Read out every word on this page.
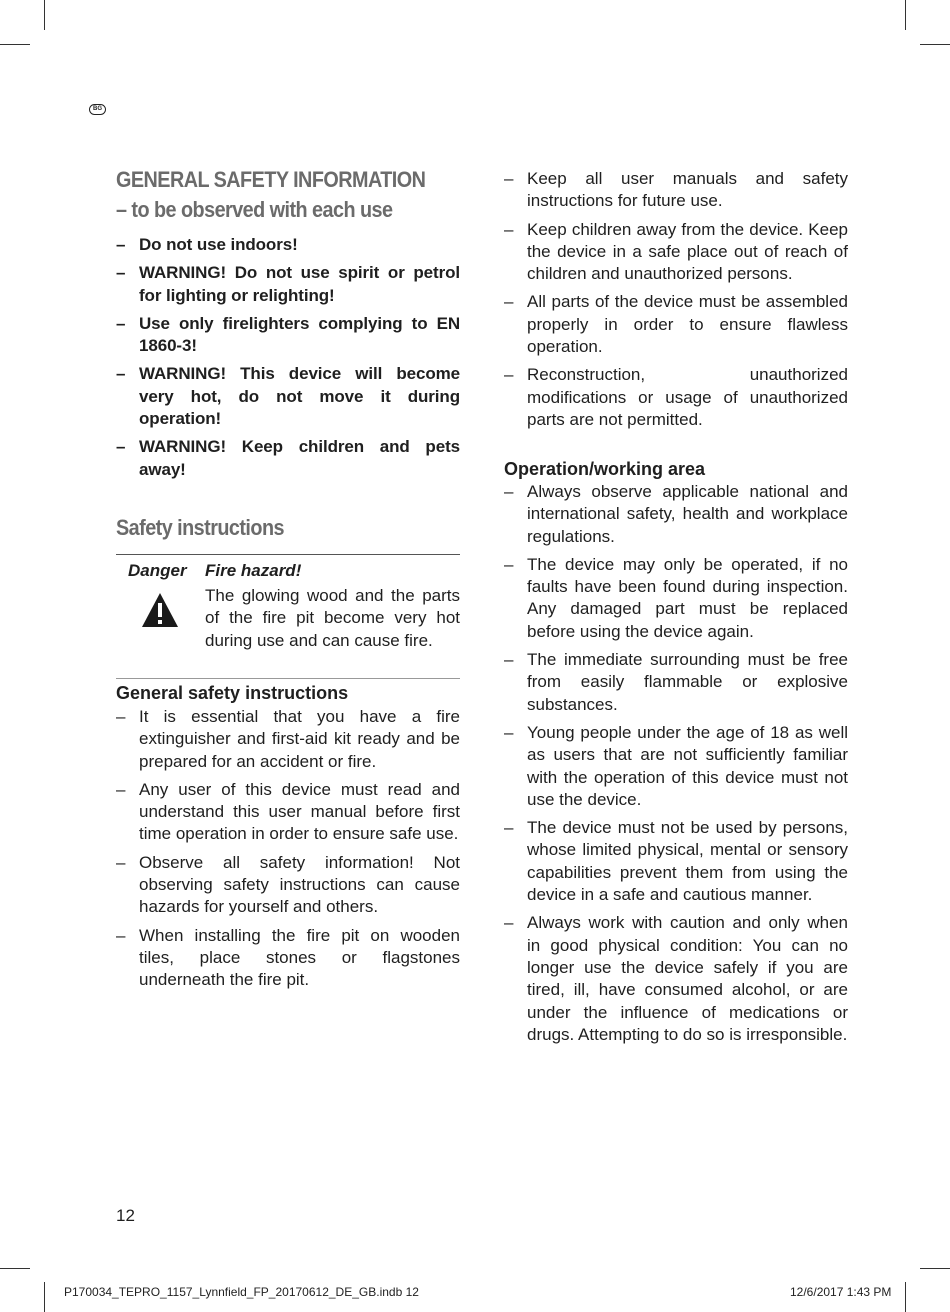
BG
GENERAL SAFETY INFORMATION
– to be observed with each use
– Do not use indoors!
– WARNING! Do not use spirit or petrol for lighting or relighting!
– Use only firelighters complying to EN 1860-3!
– WARNING! This device will become very hot, do not move it during operation!
– WARNING! Keep children and pets away!
Safety instructions
Danger Fire hazard!
The glowing wood and the parts of the fire pit become very hot during use and can cause fire.
General safety instructions
– It is essential that you have a fire extinguisher and first-aid kit ready and be prepared for an accident or fire.
– Any user of this device must read and understand this user manual before first time operation in order to ensure safe use.
– Observe all safety information! Not observing safety instructions can cause hazards for yourself and others.
– When installing the fire pit on wooden tiles, place stones or flagstones underneath the fire pit.
– Keep all user manuals and safety instructions for future use.
– Keep children away from the device. Keep the device in a safe place out of reach of children and unauthorized persons.
– All parts of the device must be assembled properly in order to ensure flawless operation.
– Reconstruction, unauthorized modifications or usage of unauthorized parts are not permitted.
Operation/working area
– Always observe applicable national and international safety, health and workplace regulations.
– The device may only be operated, if no faults have been found during inspection. Any damaged part must be replaced before using the device again.
– The immediate surrounding must be free from easily flammable or explosive substances.
– Young people under the age of 18 as well as users that are not sufficiently familiar with the operation of this device must not use the device.
– The device must not be used by persons, whose limited physical, mental or sensory capabilities prevent them from using the device in a safe and cautious manner.
– Always work with caution and only when in good physical condition: You can no longer use the device safely if you are tired, ill, have consumed alcohol, or are under the influence of medications or drugs. Attempting to do so is irresponsible.
12
P170034_TEPRO_1157_Lynnfield_FP_20170612_DE_GB.indb 12	12/6/2017 1:43 PM
